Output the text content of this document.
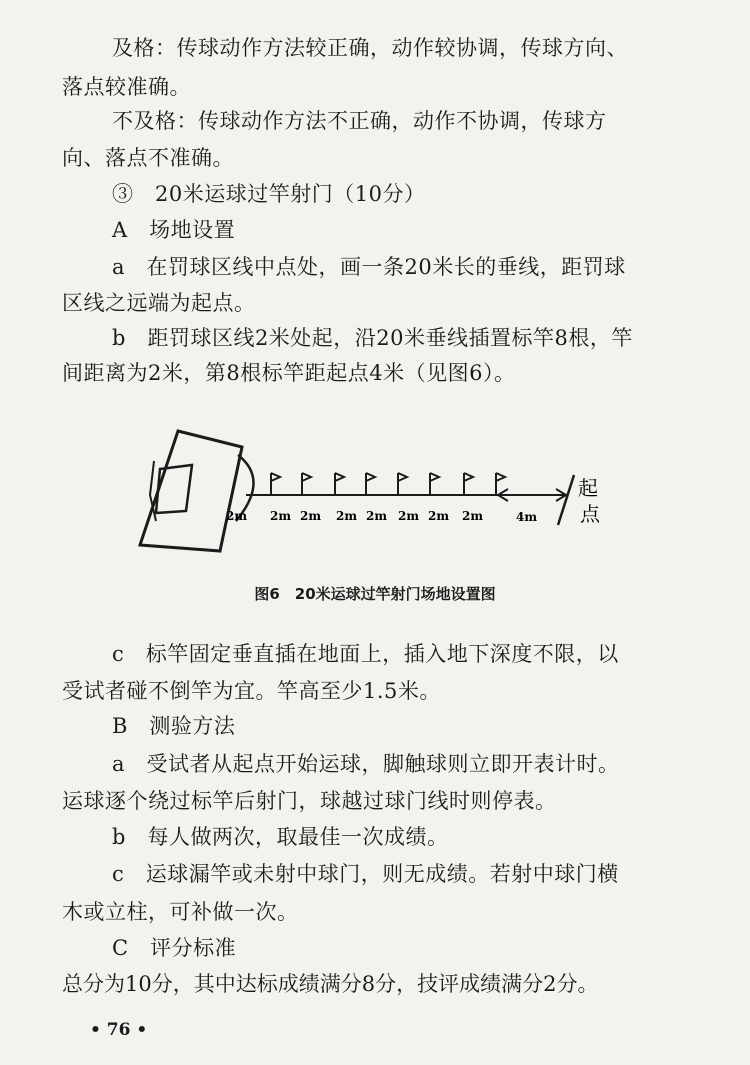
及格：传球动作方法较正确，动作较协调，传球方向、
落点较准确。
不及格：传球动作方法不正确，动作不协调，传球方
向、落点不准确。
③　20米运球过竿射门（10分）
A　场地设置
a　在罚球区线中点处，画一条20米长的垂线，距罚球
区线之远端为起点。
b　距罚球区线2米处起，沿20米垂线插置标竿8根，竿
间距离为2米，第8根标竿距起点4米（见图6）。
2m 2m 2m 2m 2m 2m 2m 2m	4m
起
点
图6　20米运球过竿射门场地设置图
c　标竿固定垂直插在地面上，插入地下深度不限，以
受试者碰不倒竿为宜。竿高至少1.5米。
B　测验方法
a　受试者从起点开始运球，脚触球则立即开表计时。
运球逐个绕过标竿后射门，球越过球门线时则停表。
b　每人做两次，取最佳一次成绩。
c　运球漏竿或未射中球门，则无成绩。若射中球门横
木或立柱，可补做一次。
C　评分标准
总分为10分，其中达标成绩满分8分，技评成绩满分2分。
• 76 •
